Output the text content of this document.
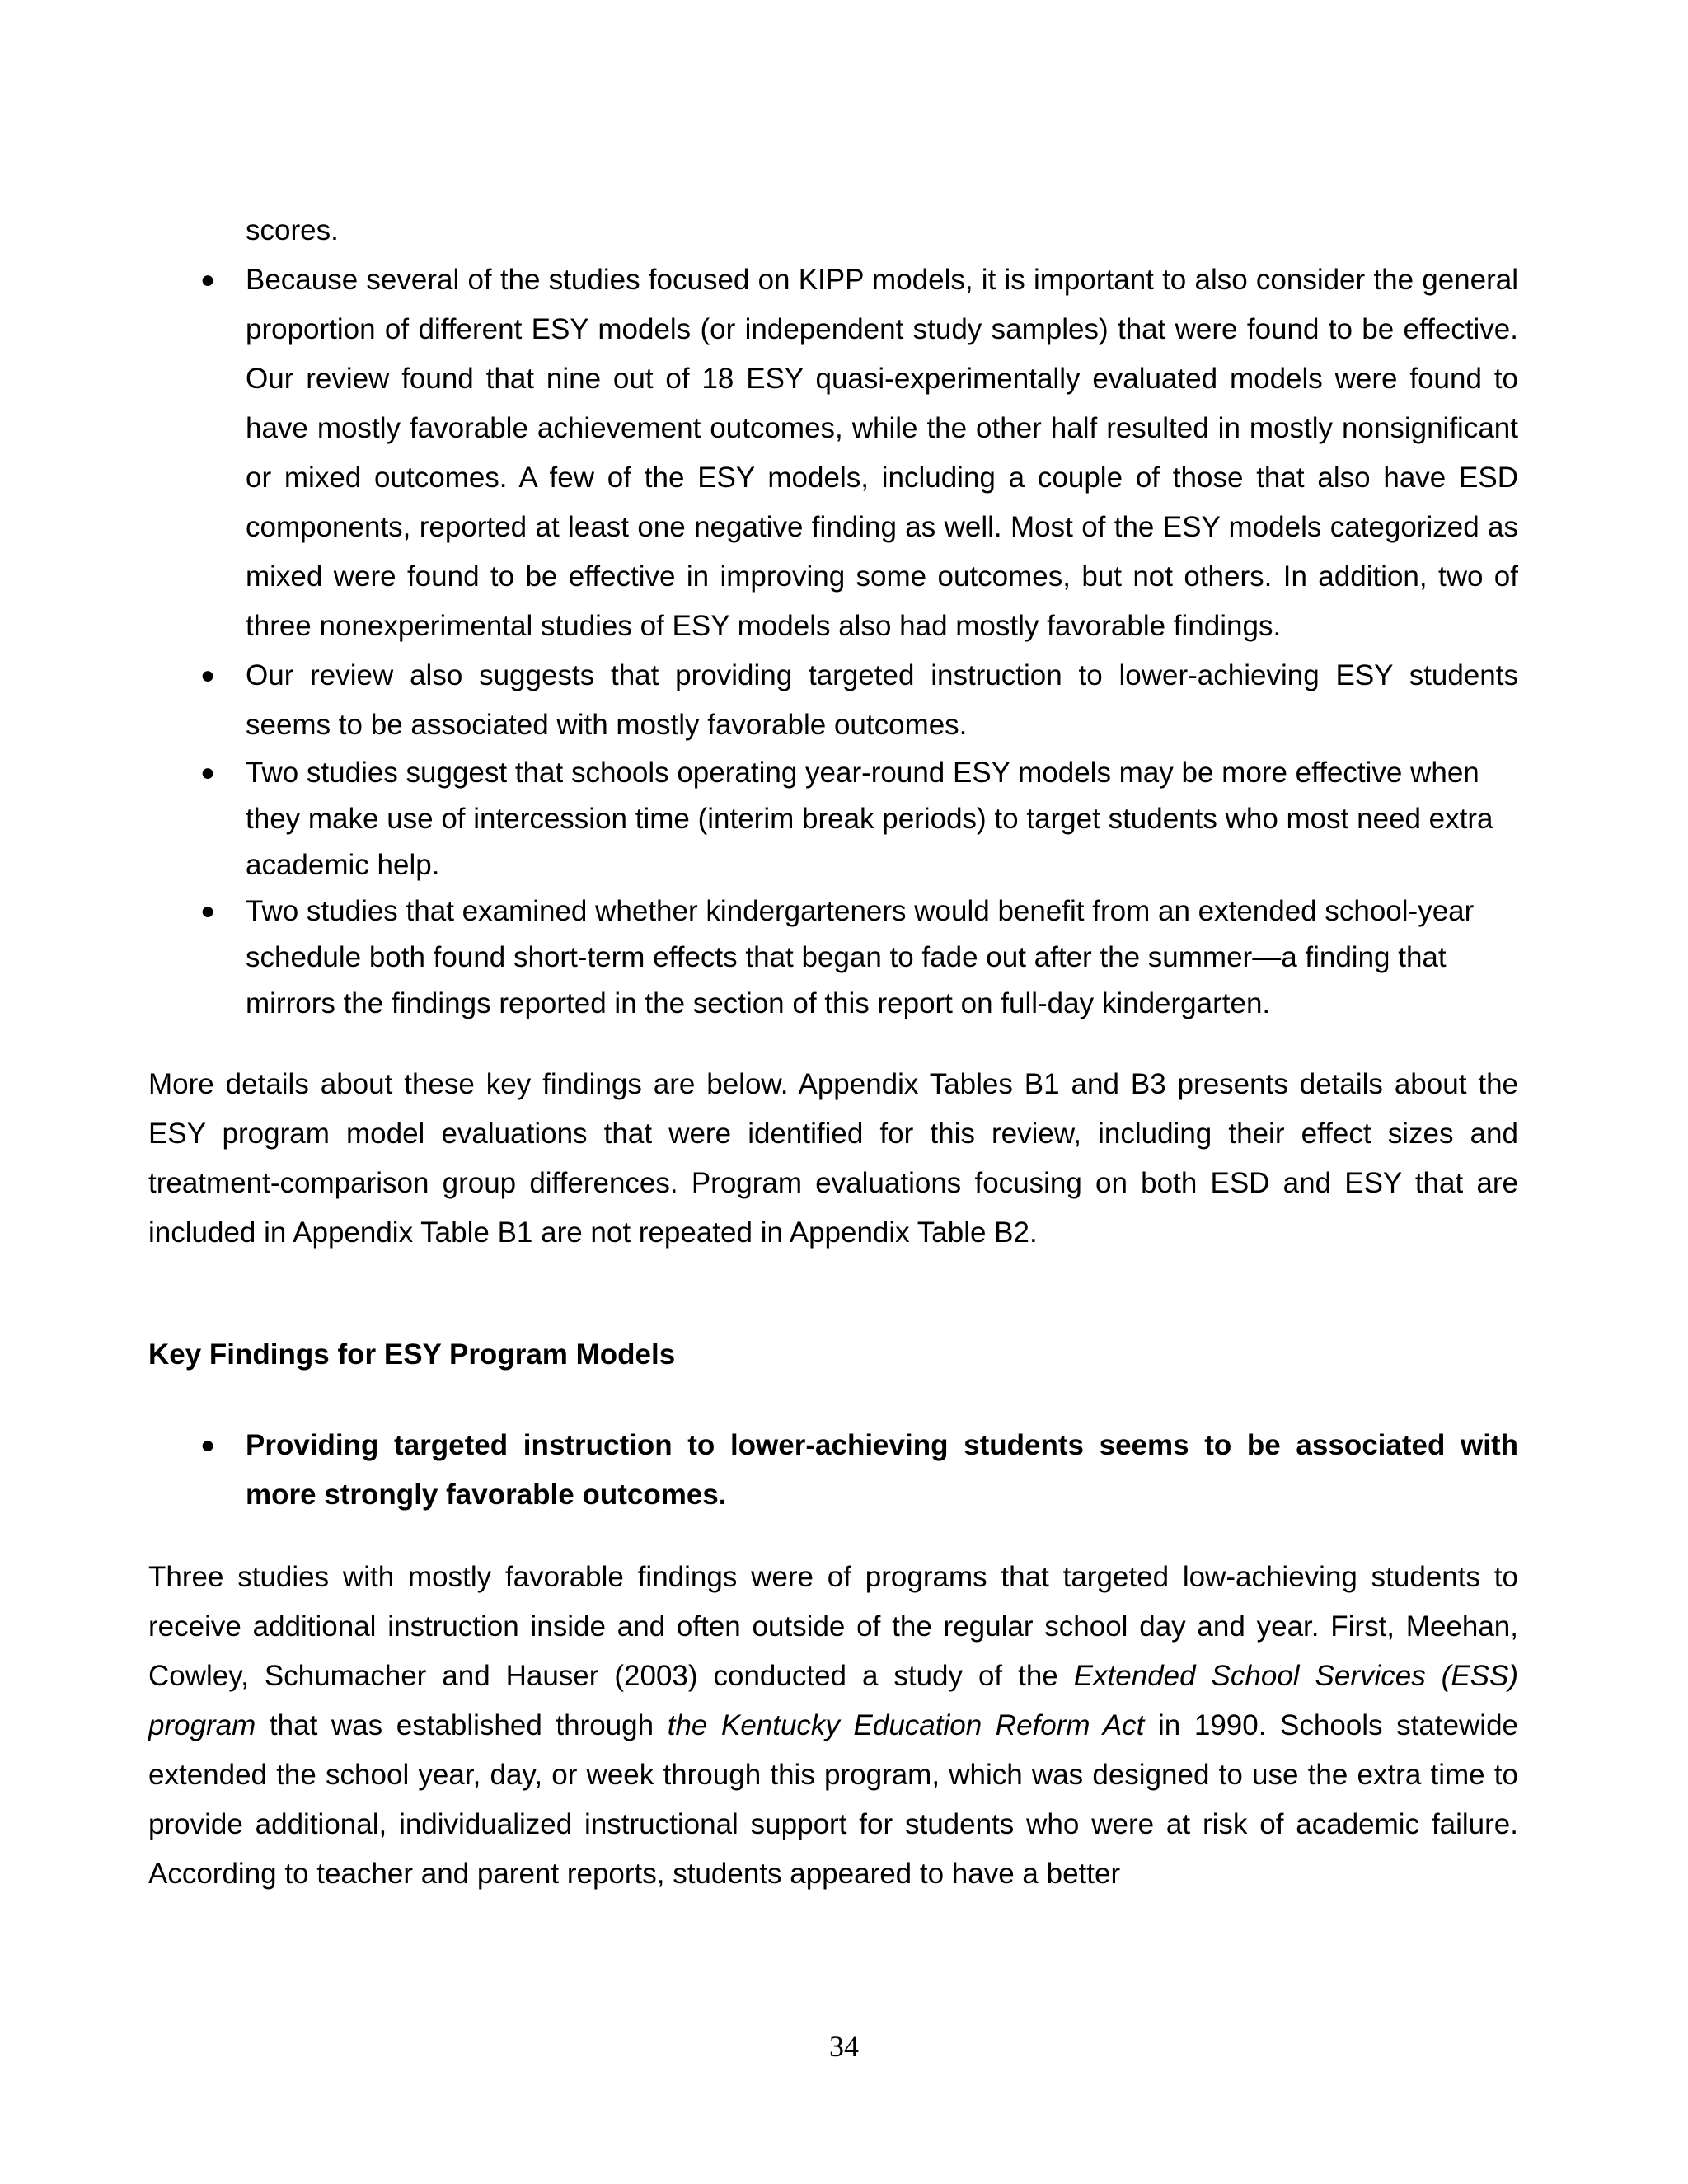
scores.

● Because several of the studies focused on KIPP models, it is important to also consider the general proportion of different ESY models (or independent study samples) that were found to be effective. Our review found that nine out of 18 ESY quasi-experimentally evaluated models were found to have mostly favorable achievement outcomes, while the other half resulted in mostly nonsignificant or mixed outcomes. A few of the ESY models, including a couple of those that also have ESD components, reported at least one negative finding as well. Most of the ESY models categorized as mixed were found to be effective in improving some outcomes, but not others. In addition, two of three nonexperimental studies of ESY models also had mostly favorable findings.
● Our review also suggests that providing targeted instruction to lower-achieving ESY students seems to be associated with mostly favorable outcomes.
● Two studies suggest that schools operating year-round ESY models may be more effective when they make use of intercession time (interim break periods) to target students who most need extra academic help.
● Two studies that examined whether kindergarteners would benefit from an extended school-year schedule both found short-term effects that began to fade out after the summer—a finding that mirrors the findings reported in the section of this report on full-day kindergarten.

More details about these key findings are below. Appendix Tables B1 and B3 presents details about the ESY program model evaluations that were identified for this review, including their effect sizes and treatment-comparison group differences. Program evaluations focusing on both ESD and ESY that are included in Appendix Table B1 are not repeated in Appendix Table B2.

Key Findings for ESY Program Models
● Providing targeted instruction to lower-achieving students seems to be associated with more strongly favorable outcomes.

Three studies with mostly favorable findings were of programs that targeted low-achieving students to receive additional instruction inside and often outside of the regular school day and year. First, Meehan, Cowley, Schumacher and Hauser (2003) conducted a study of the Extended School Services (ESS) program that was established through the Kentucky Education Reform Act in 1990. Schools statewide extended the school year, day, or week through this program, which was designed to use the extra time to provide additional, individualized instructional support for students who were at risk of academic failure. According to teacher and parent reports, students appeared to have a better

34
